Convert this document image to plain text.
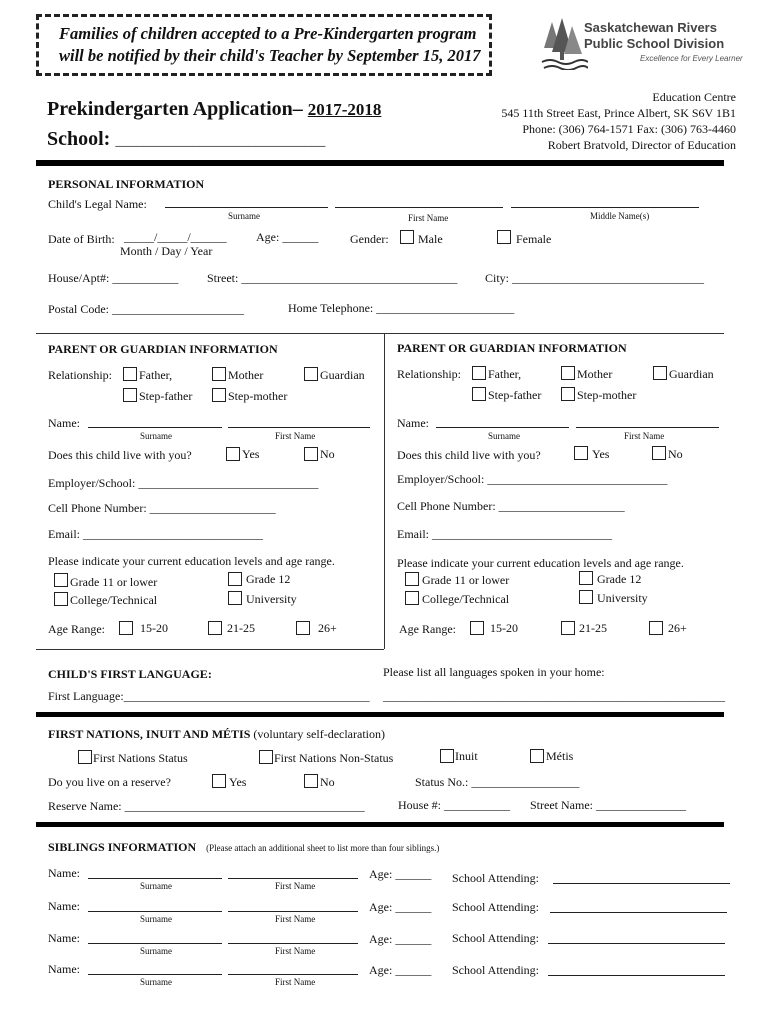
Families of children accepted to a Pre-Kindergarten program
will be notified by their child's Teacher by September 15, 2017
Saskatchewan Rivers
Public School Division
Excellence for Every Learner
Prekindergarten Application– 2017-2018
School: ______________________________
Education Centre
545 11th Street East, Prince Albert, SK S6V 1B1
Phone: (306) 764-1571 Fax: (306) 763-4460
Robert Bratvold, Director of Education
PERSONAL INFORMATION
Child's Legal Name:
Surname	First Name	Middle Name(s)
Date of Birth: _____/_____/______
Month / Day / Year
Age: ______	Gender: Male	Female
House/Apt#: ___________ Street: ____________________________________ City: ________________________________
Postal Code: ______________________	Home Telephone: _______________________
PARENT OR GUARDIAN INFORMATION
Relationship: Father,	Mother	Guardian
Step-father	Step-mother
Name:
Surname	First Name
Does this child live with you?	Yes	No
Employer/School: ______________________________
Cell Phone Number: _____________________
Email: ______________________________
Please indicate your current education levels and age range.
Grade 11 or lower	Grade 12
College/Technical	University
Age Range:	15-20	21-25	26+
PARENT OR GUARDIAN INFORMATION
Relationship: Father,	Mother	Guardian
Step-father	Step-mother
Name:
Surname	First Name
Does this child live with you?	Yes	No
Employer/School: ______________________________
Cell Phone Number: _____________________
Email: ______________________________
Please indicate your current education levels and age range.
Grade 11 or lower	Grade 12
College/Technical	University
Age Range:	15-20	21-25	26+
CHILD'S FIRST LANGUAGE:	Please list all languages spoken in your home:
First Language:_________________________________________ _________________________________________________________
FIRST NATIONS, INUIT AND MÉTIS (voluntary self-declaration)
First Nations Status	First Nations Non-Status	Inuit	Métis
Do you live on a reserve?	Yes	No	Status No.: __________________
Reserve Name: ________________________________________	House #: ___________ Street Name: _______________
SIBLINGS INFORMATION (Please attach an additional sheet to list more than four siblings.)
Name:
Surname	First Name
Age: ______ School Attending:
Name:
Surname	First Name
Age: ______ School Attending:
Name:
Surname	First Name
Age: ______ School Attending:
Name:
Surname	First Name
Age: ______ School Attending:
